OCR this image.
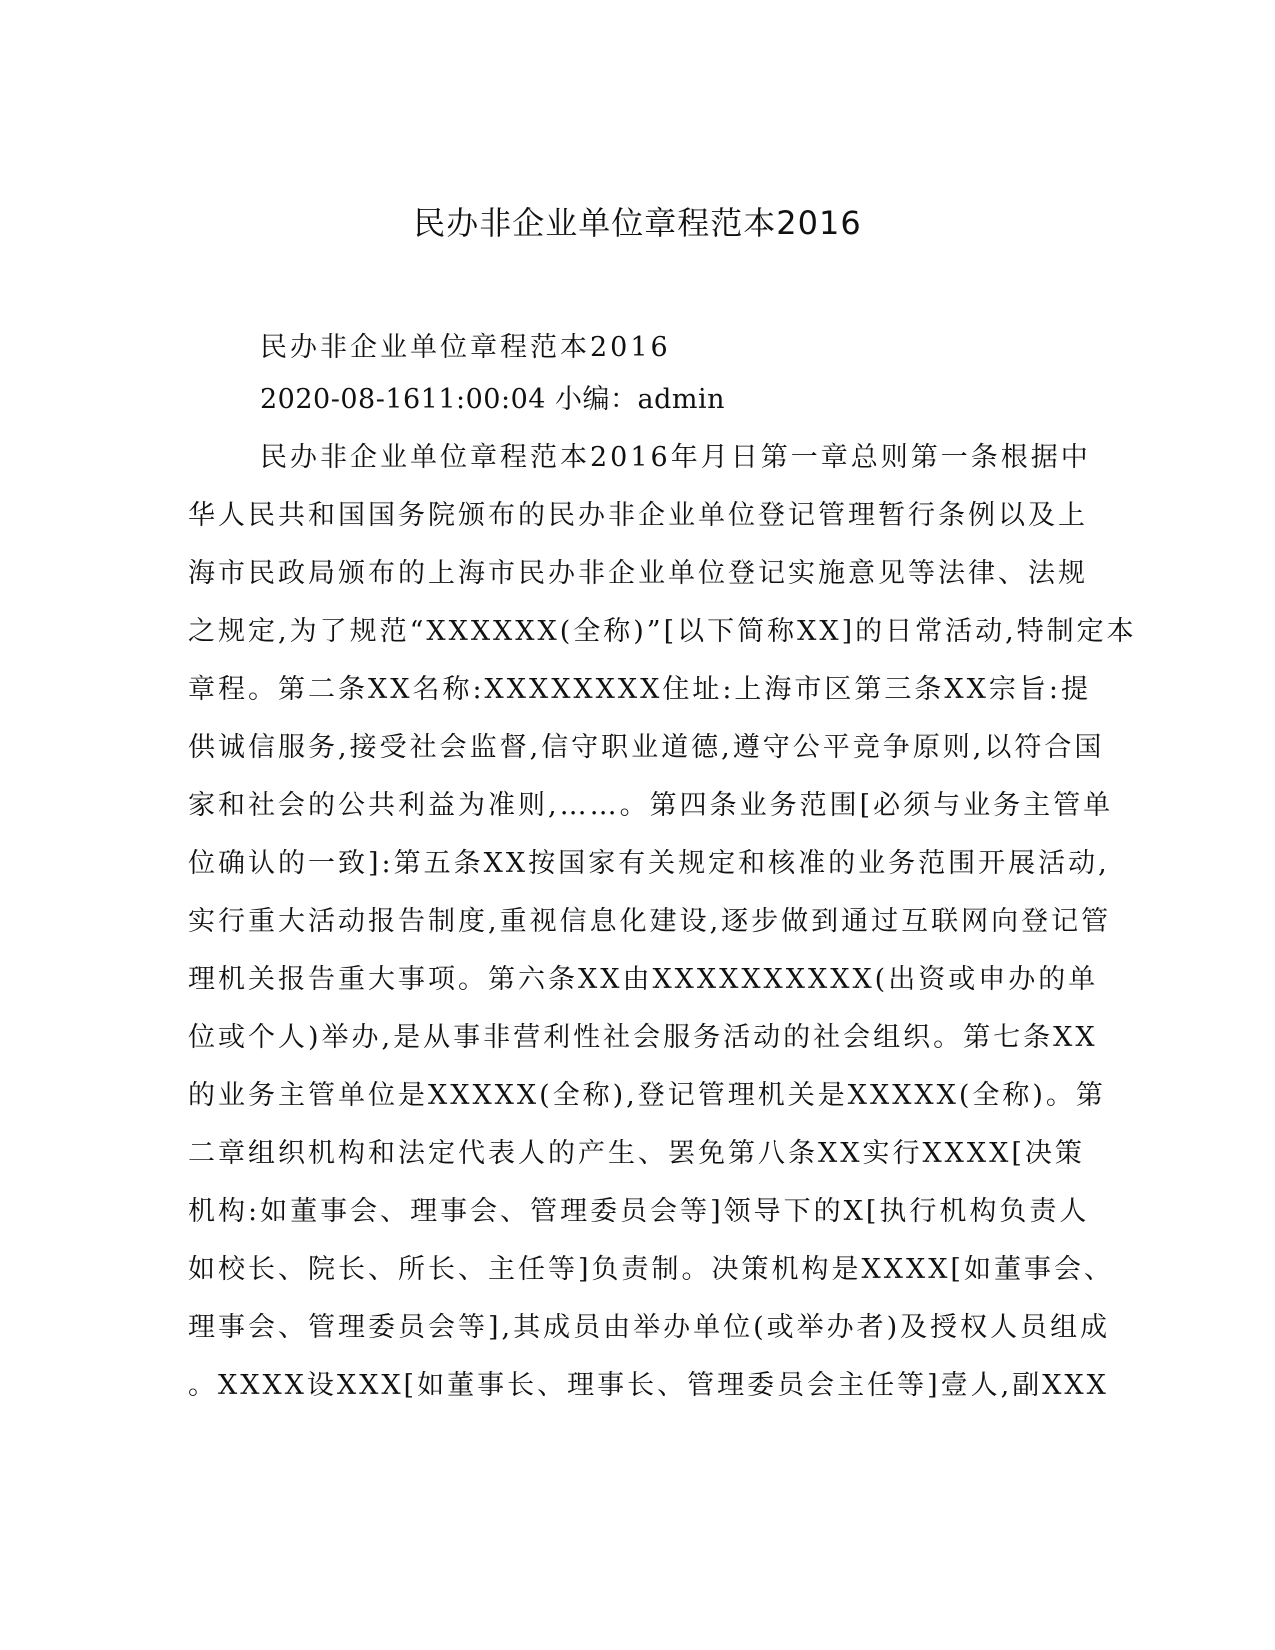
民办非企业单位章程范本2016
民办非企业单位章程范本2016
2020-08-1611:00:04 小编：admin
民办非企业单位章程范本2016年月日第一章总则第一条根据中
华人民共和国国务院颁布的民办非企业单位登记管理暂行条例以及上
海市民政局颁布的上海市民办非企业单位登记实施意见等法律、法规
之规定,为了规范“XXXXXX(全称)”[以下简称XX]的日常活动,特制定本
章程。第二条XX名称:XXXXXXXX住址:上海市区第三条XX宗旨:提
供诚信服务,接受社会监督,信守职业道德,遵守公平竞争原则,以符合国
家和社会的公共利益为准则,……。第四条业务范围[必须与业务主管单
位确认的一致]:第五条XX按国家有关规定和核准的业务范围开展活动,
实行重大活动报告制度,重视信息化建设,逐步做到通过互联网向登记管
理机关报告重大事项。第六条XX由XXXXXXXXXX(出资或申办的单
位或个人)举办,是从事非营利性社会服务活动的社会组织。第七条XX
的业务主管单位是XXXXX(全称),登记管理机关是XXXXX(全称)。第
二章组织机构和法定代表人的产生、罢免第八条XX实行XXXX[决策
机构:如董事会、理事会、管理委员会等]领导下的X[执行机构负责人
如校长、院长、所长、主任等]负责制。决策机构是XXXX[如董事会、
理事会、管理委员会等],其成员由举办单位(或举办者)及授权人员组成
。XXXX设XXX[如董事长、理事长、管理委员会主任等]壹人,副XXX
